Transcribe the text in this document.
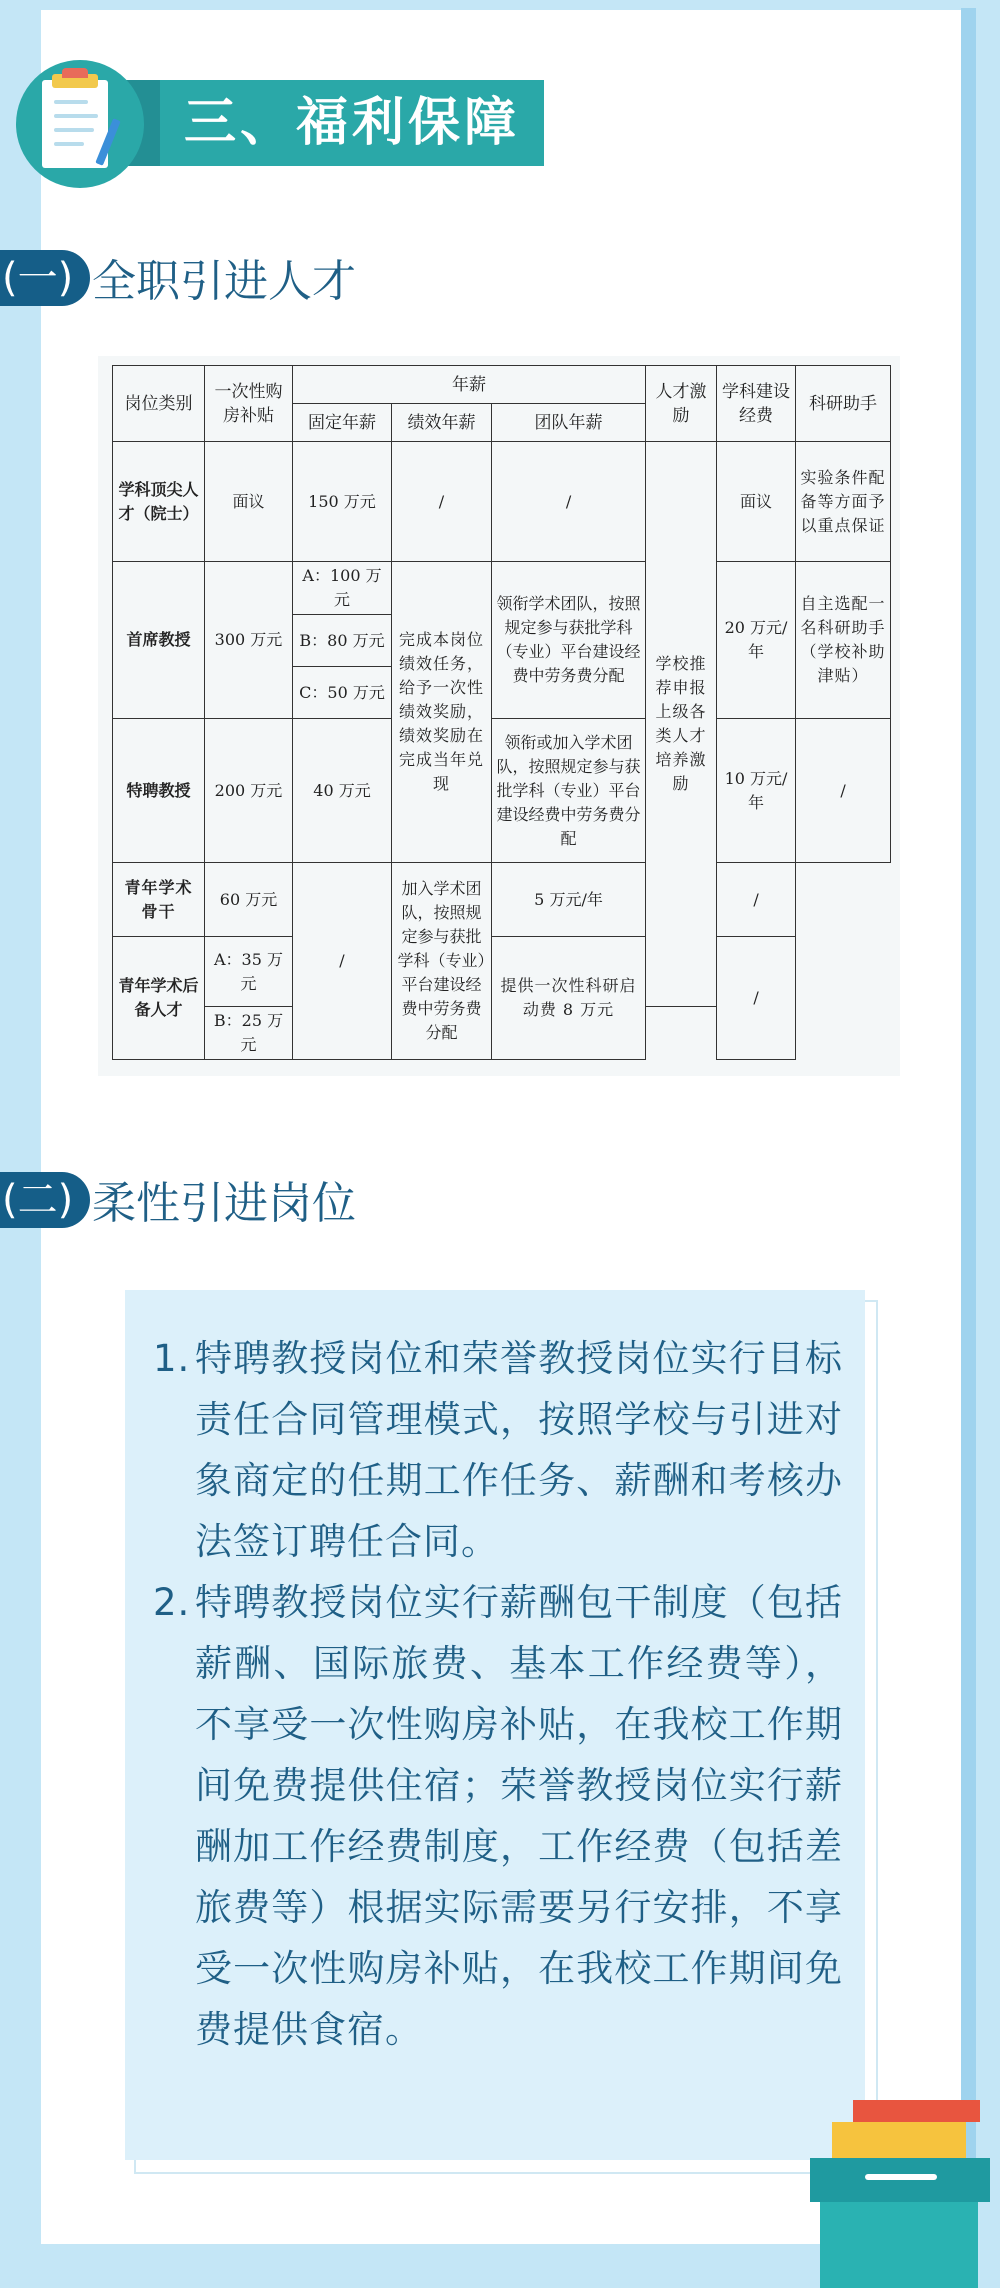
三、福利保障
(一) 全职引进人才
岗位类别	一次性购房补贴	年薪			人才激励	学科建设经费	科研助手
		固定年薪	绩效年薪	团队年薪			
学科顶尖人才（院士）	面议	150 万元	/	/	学校推荐申报上级各类人才培养激励	面议	实验条件配备等方面予以重点保证
首席教授	300 万元	A：100 万元	完成本岗位绩效任务，给予一次性绩效奖励，绩效奖励在完成当年兑现	领衔学术团队，按照规定参与获批学科（专业）平台建设经费中劳务费分配		20 万元/年	自主选配一名科研助手（学校补助津贴）
		B：80 万元					
		C：50 万元					
特聘教授	200 万元	40 万元		领衔或加入学术团队，按照规定参与获批学科（专业）平台建设经费中劳务费分配		10 万元/年	/
青年学术骨干	60 万元	/	加入学术团队，按照规定参与获批学科（专业）平台建设经费中劳务费分配	5 万元/年		/	
青年学术后备人才	A：35 万元			提供一次性科研启动费 8 万元		/	
	B：25 万元						
(二) 柔性引进岗位
1. 特聘教授岗位和荣誉教授岗位实行目标责任合同管理模式，按照学校与引进对象商定的任期工作任务、薪酬和考核办法签订聘任合同。
2. 特聘教授岗位实行薪酬包干制度（包括薪酬、国际旅费、基本工作经费等），不享受一次性购房补贴，在我校工作期间免费提供住宿；荣誉教授岗位实行薪酬加工作经费制度，工作经费（包括差旅费等）根据实际需要另行安排，不享受一次性购房补贴，在我校工作期间免费提供食宿。
